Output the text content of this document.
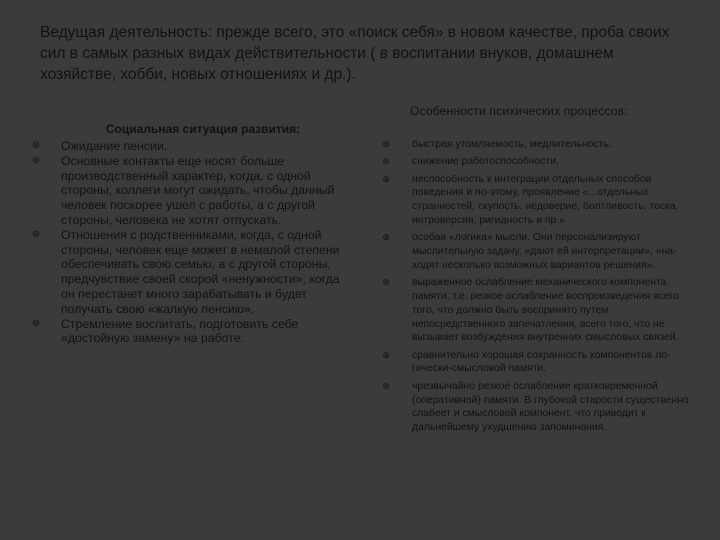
Ведущая деятельность: прежде всего, это «поиск себя» в новом качестве, проба своих сил в самых разных видах действительности ( в воспитании внуков, домашнем хозяйстве, хобби, новых отношениях и др.).
Особенности психических процессов:
Социальная ситуация развития:
⊛ Ожидание пенсии.
⊛ Основные контакты еще носят больше производственный характер, когда, с одной стороны, коллеги могут ожидать, чтобы данный человек поскорее ушел с работы, а с другой стороны, человека не хотят отпускать.
⊛ Отношения с родственниками, когда, с одной стороны, человек еще может в немалой степени обеспечивать свою семью, а с другой стороны, предчувствие своей скорой «ненужности», когда он перестанет много зарабатывать и будет получать свою «жалкую пенсию».
⊛ Стремление воспитать, подготовить себе «достойную замену» на работе.
⊛ быстрая утомляемость, медлительность,
⊛ снижение работоспособности,
⊛ неспособность к интеграции отдельных способов поведения и по-этому, проявление «...отдельных странностей, скупость, недоверие, болтливость, тоска, интроверсия, ригидность и пр.»
⊛ особая «логика» мысли. Они персонализируют мыслительную задачу, «дают ей интерпретации», «на-ходят несколько возможных вариантов решения».
⊛ выраженное ослабление механического компонента памяти, т.е. резкое ослабление воспроизведения всего того, что должно быть воспринято путем непосредственного запечатления, всего того, что не вызывает возбуждения внутренних смысловых связей.
⊛ сравнительно хорошая сохранность компонентов ло-гически-смысловой памяти.
⊛ чрезвычайно резкое ослабление кратковременной (оперативной) памяти. В глубокой старости существенно слабеет и смысловой компонент, что приводит к дальнейшему ухудшению запоминания.
